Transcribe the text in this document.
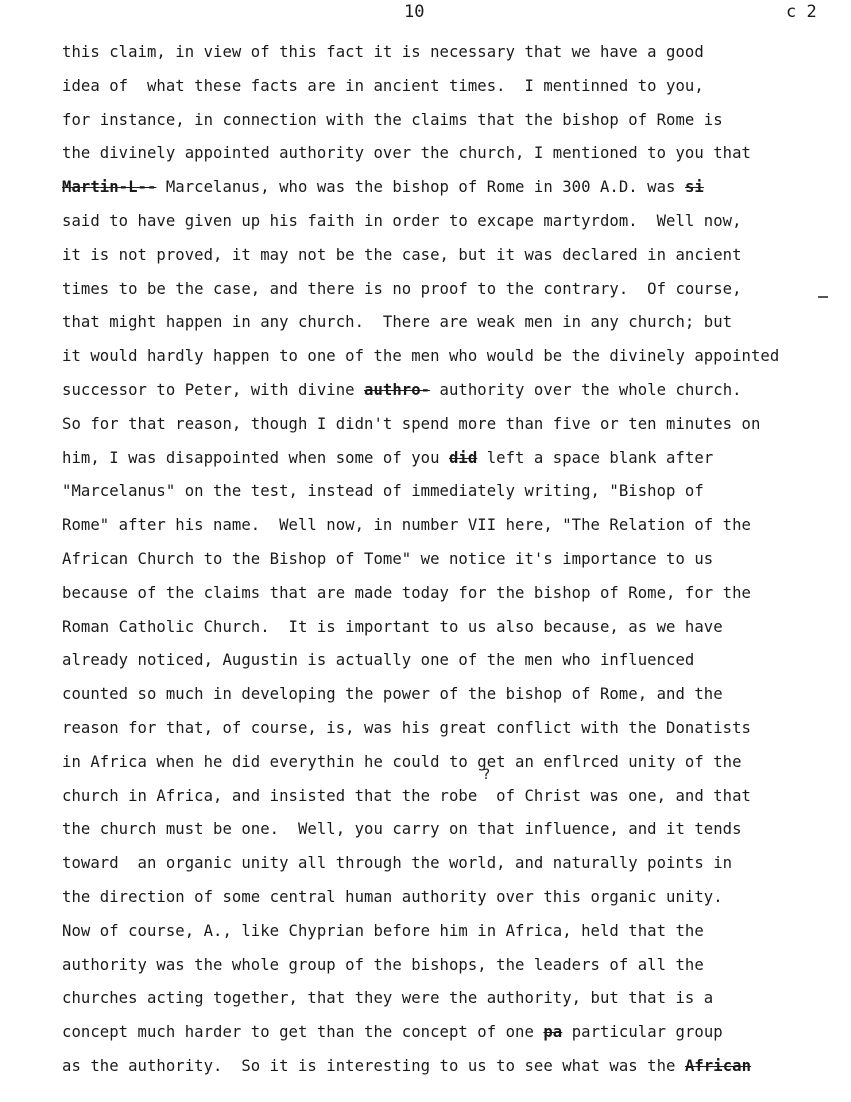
10	c 2
this claim, in view of this fact it is necessary that we have a good
idea of  what these facts are in ancient times.  I mentinned to you,
for instance, in connection with the claims that the bishop of Rome is
the divinely appointed authority over the church, I mentioned to you that
Martin-L-- Marcelanus, who was the bishop of Rome in 300 A.D. was si
said to have given up his faith in order to excape martyrdom.  Well now,
it is not proved, it may not be the case, but it was declared in ancient
times to be the case, and there is no proof to the contrary.  Of course,
that might happen in any church.  There are weak men in any church; but
it would hardly happen to one of the men who would be the divinely appointed
successor to Peter, with divine authro- authority over the whole church.
So for that reason, though I didn't spend more than five or ten minutes on
him, I was disappointed when some of you did left a space blank after
"Marcelanus" on the test, instead of immediately writing, "Bishop of
Rome" after his name.  Well now, in number VII here, "The Relation of the
African Church to the Bishop of Tome" we notice it's importance to us
because of the claims that are made today for the bishop of Rome, for the
Roman Catholic Church.  It is important to us also because, as we have
already noticed, Augustin is actually one of the men who influenced
counted so much in developing the power of the bishop of Rome, and the
reason for that, of course, is, was his great conflict with the Donatists
in Africa when he did everythin he could to get an enflrced unity of the
church in Africa, and insisted that the robe  of Christ was one, and that
the church must be one.  Well, you carry on that influence, and it tends
toward  an organic unity all through the world, and naturally points in
the direction of some central human authority over this organic unity.
Now of course, A., like Chyprian before him in Africa, held that the
authority was the whole group of the bishops, the leaders of all the
churches acting together, that they were the authority, but that is a
concept much harder to get than the concept of one pa particular group
as the authority.  So it is interesting to us to see what was the African
?
